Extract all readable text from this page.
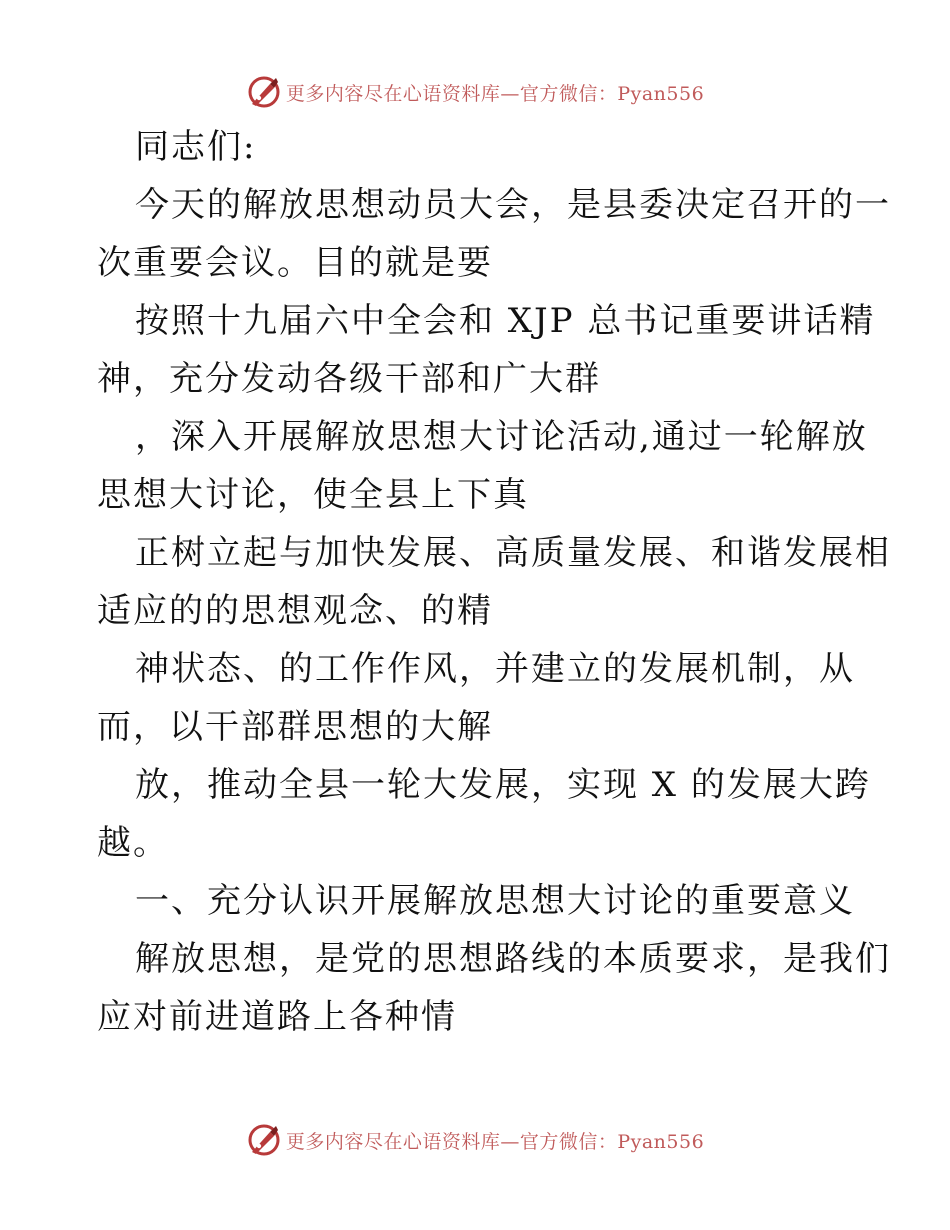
更多内容尽在心语资料库—官方微信：Pyan556
同志们:
今天的解放思想动员大会，是县委决定召开的一
次重要会议。目的就是要
按照十九届六中全会和 XJP 总书记重要讲话精
神，充分发动各级干部和广大群
，深入开展解放思想大讨论活动,通过一轮解放
思想大讨论，使全县上下真
正树立起与加快发展、高质量发展、和谐发展相
适应的的思想观念、的精
神状态、的工作作风，并建立的发展机制，从
而，以干部群思想的大解
放，推动全县一轮大发展，实现 X 的发展大跨
越。
一、充分认识开展解放思想大讨论的重要意义
解放思想，是党的思想路线的本质要求，是我们
应对前进道路上各种情
更多内容尽在心语资料库—官方微信：Pyan556
